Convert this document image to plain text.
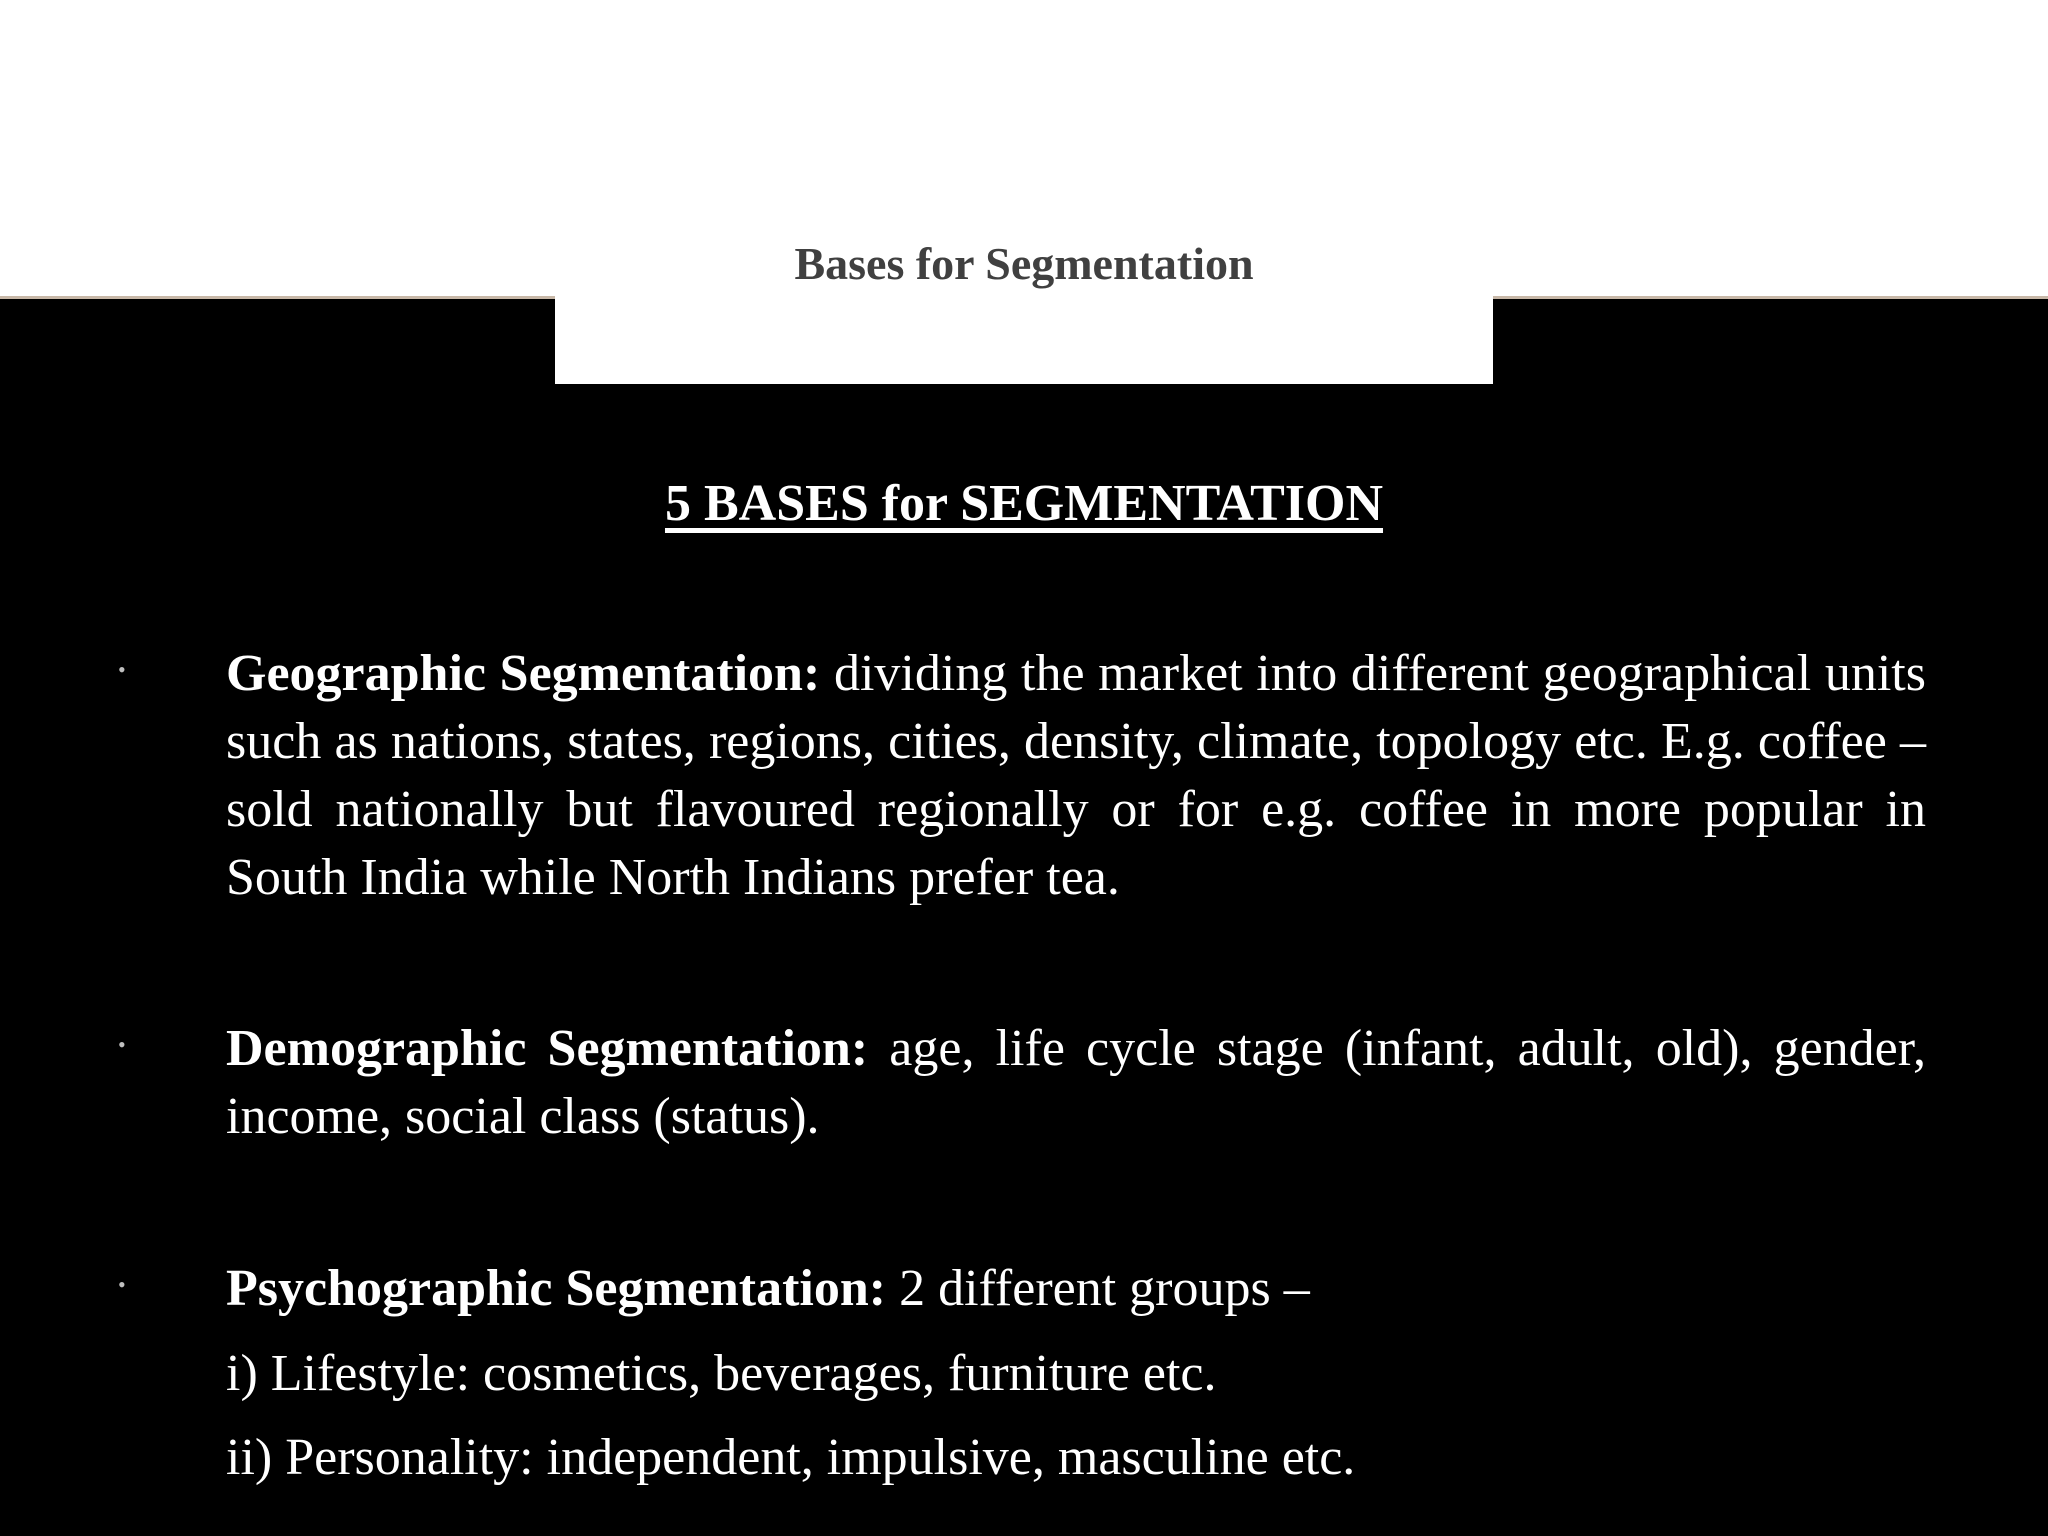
Bases for Segmentation
5 BASES for SEGMENTATION
• Geographic Segmentation: dividing the market into different geographical units such as nations, states, regions, cities, density, climate, topology etc. E.g. coffee – sold nationally but flavoured regionally or for e.g. coffee in more popular in South India while North Indians prefer tea.
• Demographic Segmentation: age, life cycle stage (infant, adult, old), gender, income, social class (status).
• Psychographic Segmentation: 2 different groups –
i) Lifestyle: cosmetics, beverages, furniture etc.
ii) Personality: independent, impulsive, masculine etc.
